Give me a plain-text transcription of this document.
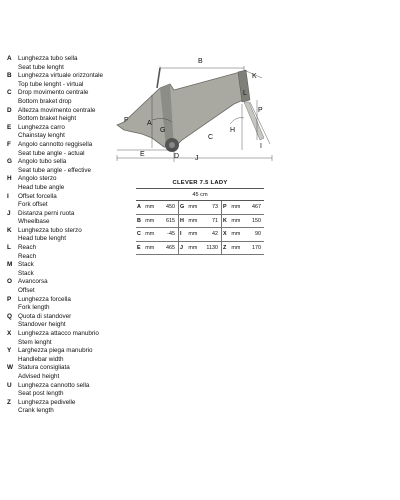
A	Lunghezza tubo sella
Seat tube lenght
B	Lunghezza virtuale orizzontale
Top tube lenght - virtual
C	Drop movimento centrale
Bottom braket drop
D	Altezza movimento centrale
Bottom braket height
E	Lunghezza carro
Chainstay lenght
F	Angolo cannotto reggisella
Seat tube angle - actual
G Angolo tubo sella
Seat tube angle - effective
H	Angolo sterzo
Head tube angle
I	Offset forcella
Fork offset
J	Distanza perni ruota
Wheelbase
K	Lunghezza tubo sterzo
Head tube lenght
L	Reach
Reach
M Stack
Stack
O Avancorsa
Offset
P	Lunghezza forcella
Fork length
Q Quota di standover
Standover height
X	Lunghezza attacco manubrio
Stem lenght
Y	Larghezza piega manubrio
Handlebar width
W Statura consigliata
Advised height
U	Lunghezza cannotto sella
Seat post length
Z	Lunghezza pedivelle
Crank length
B
K
P
H
I
A
G
F
C
D
E
J
L
CLEVER 7.5 LADY
45 cm
A	mm	450	G	mm	73	P	mm	467
B	mm	615	H	mm	71	K	mm	150
C	mm	-45	I	mm	42	X	mm	90
E	mm	465	J	mm	1130	Z	mm	170
